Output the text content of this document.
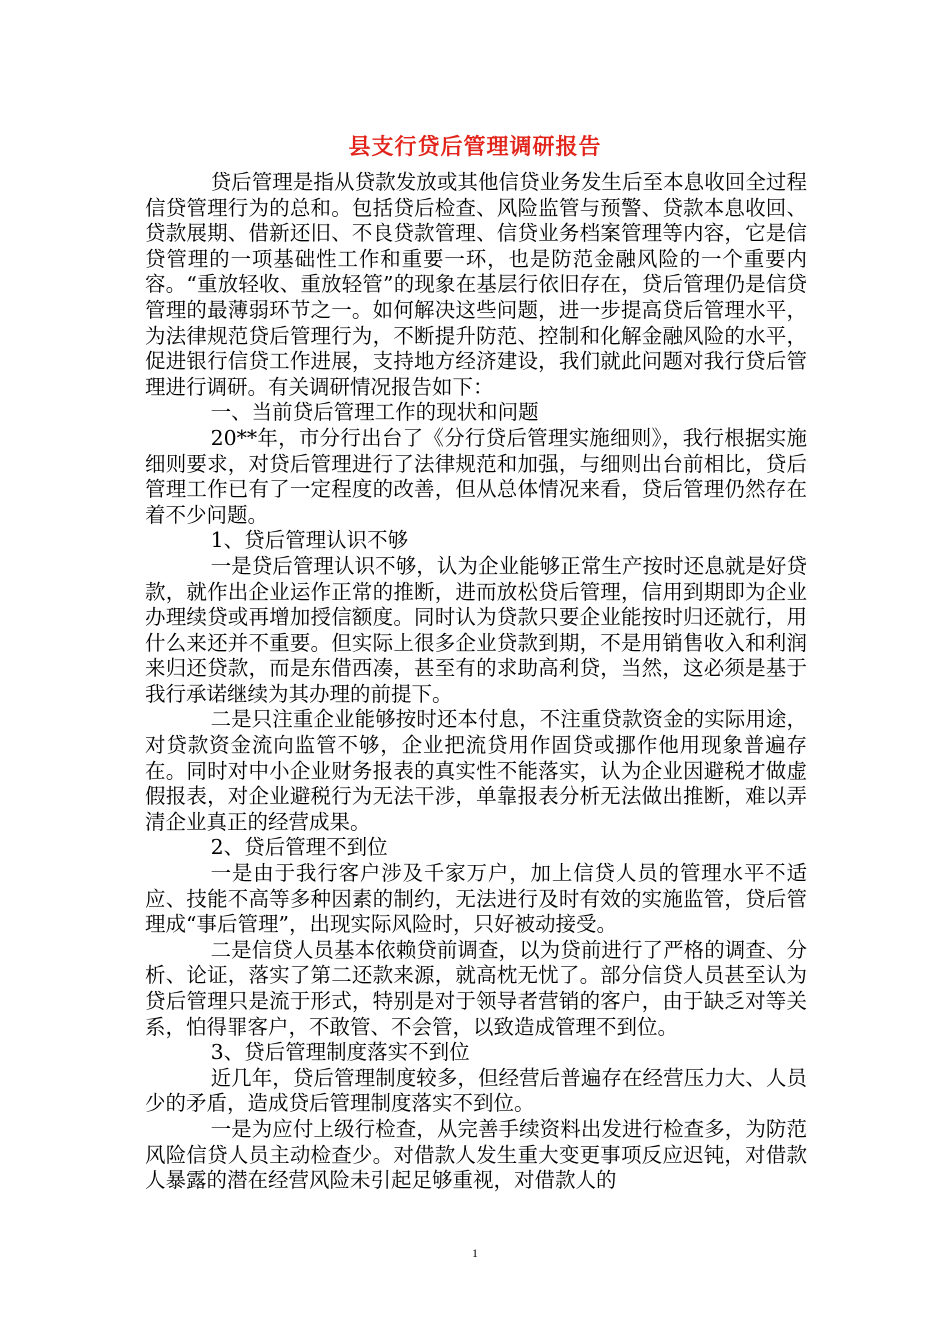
县支行贷后管理调研报告

贷后管理是指从贷款发放或其他信贷业务发生后至本息收回全过程信贷管理行为的总和。包括贷后检查、风险监管与预警、贷款本息收回、贷款展期、借新还旧、不良贷款管理、信贷业务档案管理等内容，它是信贷管理的一项基础性工作和重要一环，也是防范金融风险的一个重要内容。“重放轻收、重放轻管”的现象在基层行依旧存在，贷后管理仍是信贷管理的最薄弱环节之一。如何解决这些问题，进一步提高贷后管理水平，为法律规范贷后管理行为，不断提升防范、控制和化解金融风险的水平，促进银行信贷工作进展，支持地方经济建设，我们就此问题对我行贷后管理进行调研。有关调研情况报告如下：

一、当前贷后管理工作的现状和问题

20**年，市分行出台了《分行贷后管理实施细则》，我行根据实施细则要求，对贷后管理进行了法律规范和加强，与细则出台前相比，贷后管理工作已有了一定程度的改善，但从总体情况来看，贷后管理仍然存在着不少问题。

1、贷后管理认识不够

一是贷后管理认识不够，认为企业能够正常生产按时还息就是好贷款，就作出企业运作正常的推断，进而放松贷后管理，信用到期即为企业办理续贷或再增加授信额度。同时认为贷款只要企业能按时归还就行，用什么来还并不重要。但实际上很多企业贷款到期，不是用销售收入和利润来归还贷款，而是东借西凑，甚至有的求助高利贷，当然，这必须是基于我行承诺继续为其办理的前提下。

二是只注重企业能够按时还本付息，不注重贷款资金的实际用途，对贷款资金流向监管不够，企业把流贷用作固贷或挪作他用现象普遍存在。同时对中小企业财务报表的真实性不能落实，认为企业因避税才做虚假报表，对企业避税行为无法干涉，单靠报表分析无法做出推断，难以弄清企业真正的经营成果。

2、贷后管理不到位

一是由于我行客户涉及千家万户，加上信贷人员的管理水平不适应、技能不高等多种因素的制约，无法进行及时有效的实施监管，贷后管理成“事后管理”，出现实际风险时，只好被动接受。

二是信贷人员基本依赖贷前调查，以为贷前进行了严格的调查、分析、论证，落实了第二还款来源，就高枕无忧了。部分信贷人员甚至认为贷后管理只是流于形式，特别是对于领导者营销的客户，由于缺乏对等关系，怕得罪客户，不敢管、不会管，以致造成管理不到位。

3、贷后管理制度落实不到位

近几年，贷后管理制度较多，但经营后普遍存在经营压力大、人员少的矛盾，造成贷后管理制度落实不到位。

一是为应付上级行检查，从完善手续资料出发进行检查多，为防范风险信贷人员主动检查少。对借款人发生重大变更事项反应迟钝，对借款人暴露的潜在经营风险未引起足够重视，对借款人的

1
